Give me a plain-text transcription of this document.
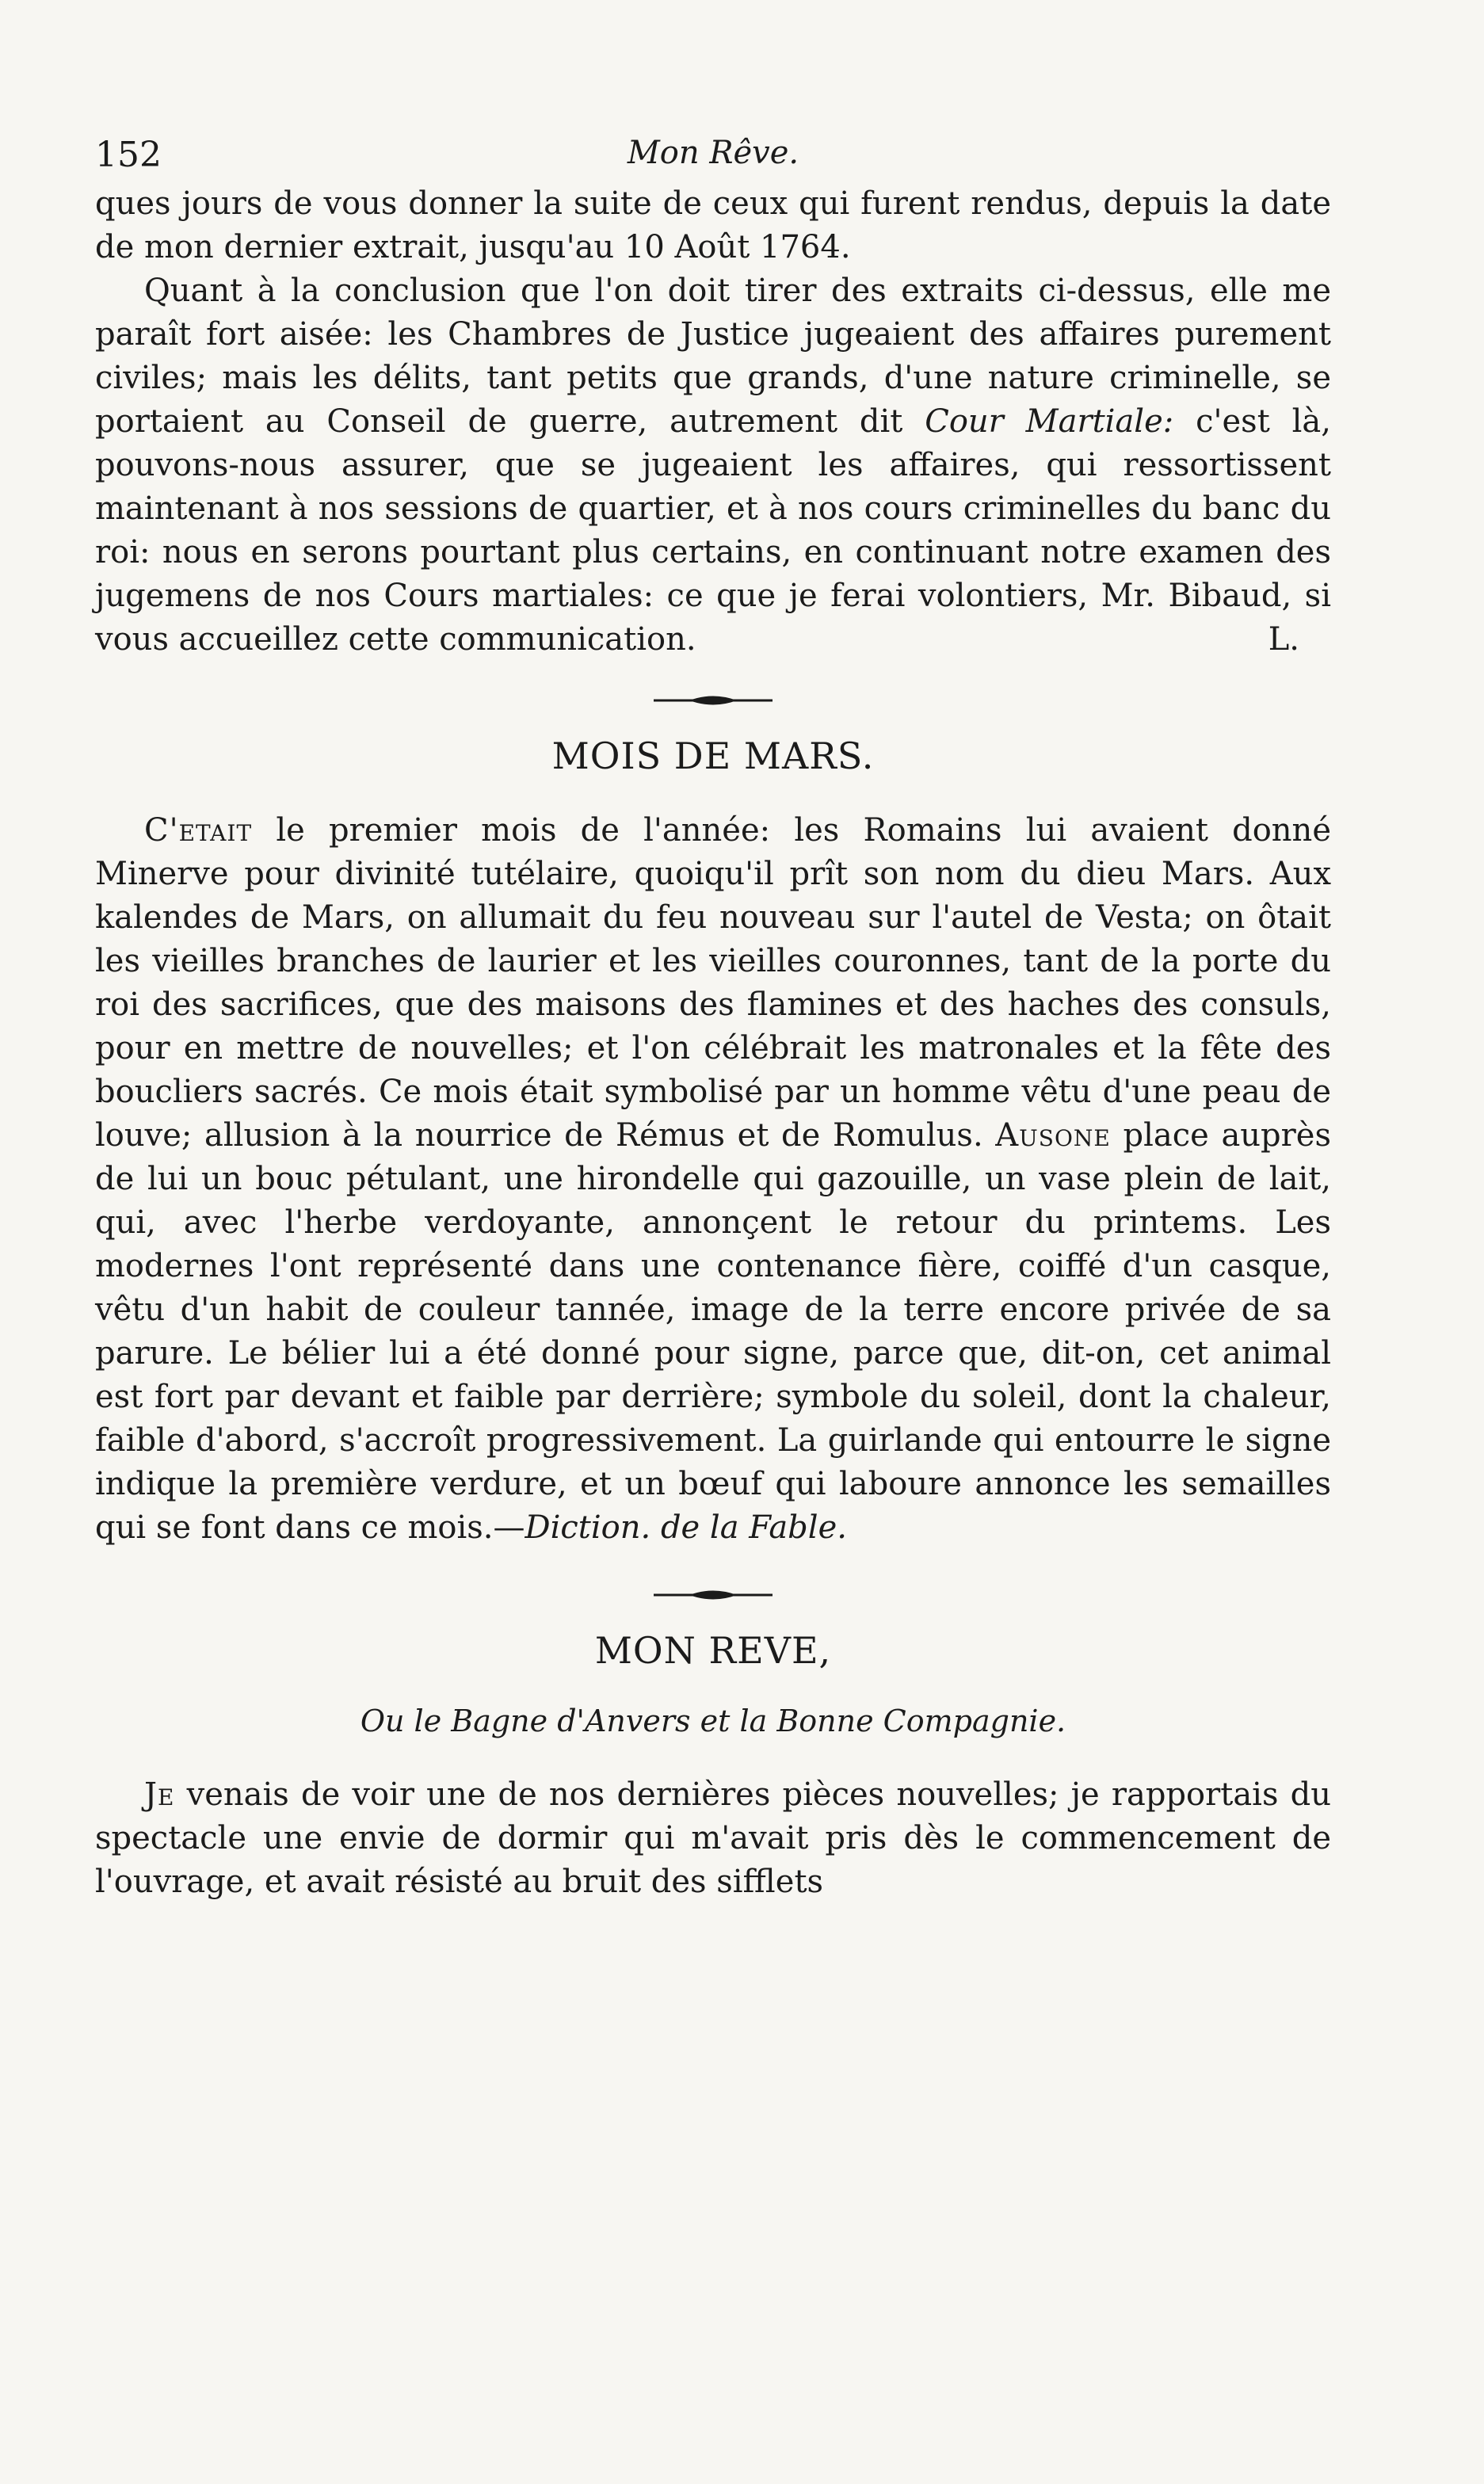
152	Mon Rêve.

ques jours de vous donner la suite de ceux qui furent rendus, depuis la date de mon dernier extrait, jusqu'au 10 Août 1764.

Quant à la conclusion que l'on doit tirer des extraits ci-dessus, elle me paraît fort aisée: les Chambres de Justice jugeaient des affaires purement civiles; mais les délits, tant petits que grands, d'une nature criminelle, se portaient au Conseil de guerre, autrement dit Cour Martiale: c'est là, pouvons-nous assurer, que se jugeaient les affaires, qui ressortissent maintenant à nos sessions de quartier, et à nos cours criminelles du banc du roi: nous en serons pourtant plus certains, en continuant notre examen des jugemens de nos Cours martiales: ce que je ferai volontiers, Mr. Bibaud, si vous accueillez cette communication.	L.

MOIS DE MARS.

C'etait le premier mois de l'année: les Romains lui avaient donné Minerve pour divinité tutélaire, quoiqu'il prît son nom du dieu Mars. Aux kalendes de Mars, on allumait du feu nouveau sur l'autel de Vesta; on ôtait les vieilles branches de laurier et les vieilles couronnes, tant de la porte du roi des sacrifices, que des maisons des flamines et des haches des consuls, pour en mettre de nouvelles; et l'on célébrait les matronales et la fête des boucliers sacrés. Ce mois était symbolisé par un homme vêtu d'une peau de louve; allusion à la nourrice de Rémus et de Romulus. Ausone place auprès de lui un bouc pétulant, une hirondelle qui gazouille, un vase plein de lait, qui, avec l'herbe verdoyante, annonçent le retour du printems. Les modernes l'ont représenté dans une contenance fière, coiffé d'un casque, vêtu d'un habit de couleur tannée, image de la terre encore privée de sa parure. Le bélier lui a été donné pour signe, parce que, dit-on, cet animal est fort par devant et faible par derrière; symbole du soleil, dont la chaleur, faible d'abord, s'accroît progressivement. La guirlande qui entourre le signe indique la première verdure, et un bœuf qui laboure annonce les semailles qui se font dans ce mois.—Diction. de la Fable.

MON REVE,
Ou le Bagne d'Anvers et la Bonne Compagnie.

Je venais de voir une de nos dernières pièces nouvelles; je rapportais du spectacle une envie de dormir qui m'avait pris dès le commencement de l'ouvrage, et avait résisté au bruit des sifflets
